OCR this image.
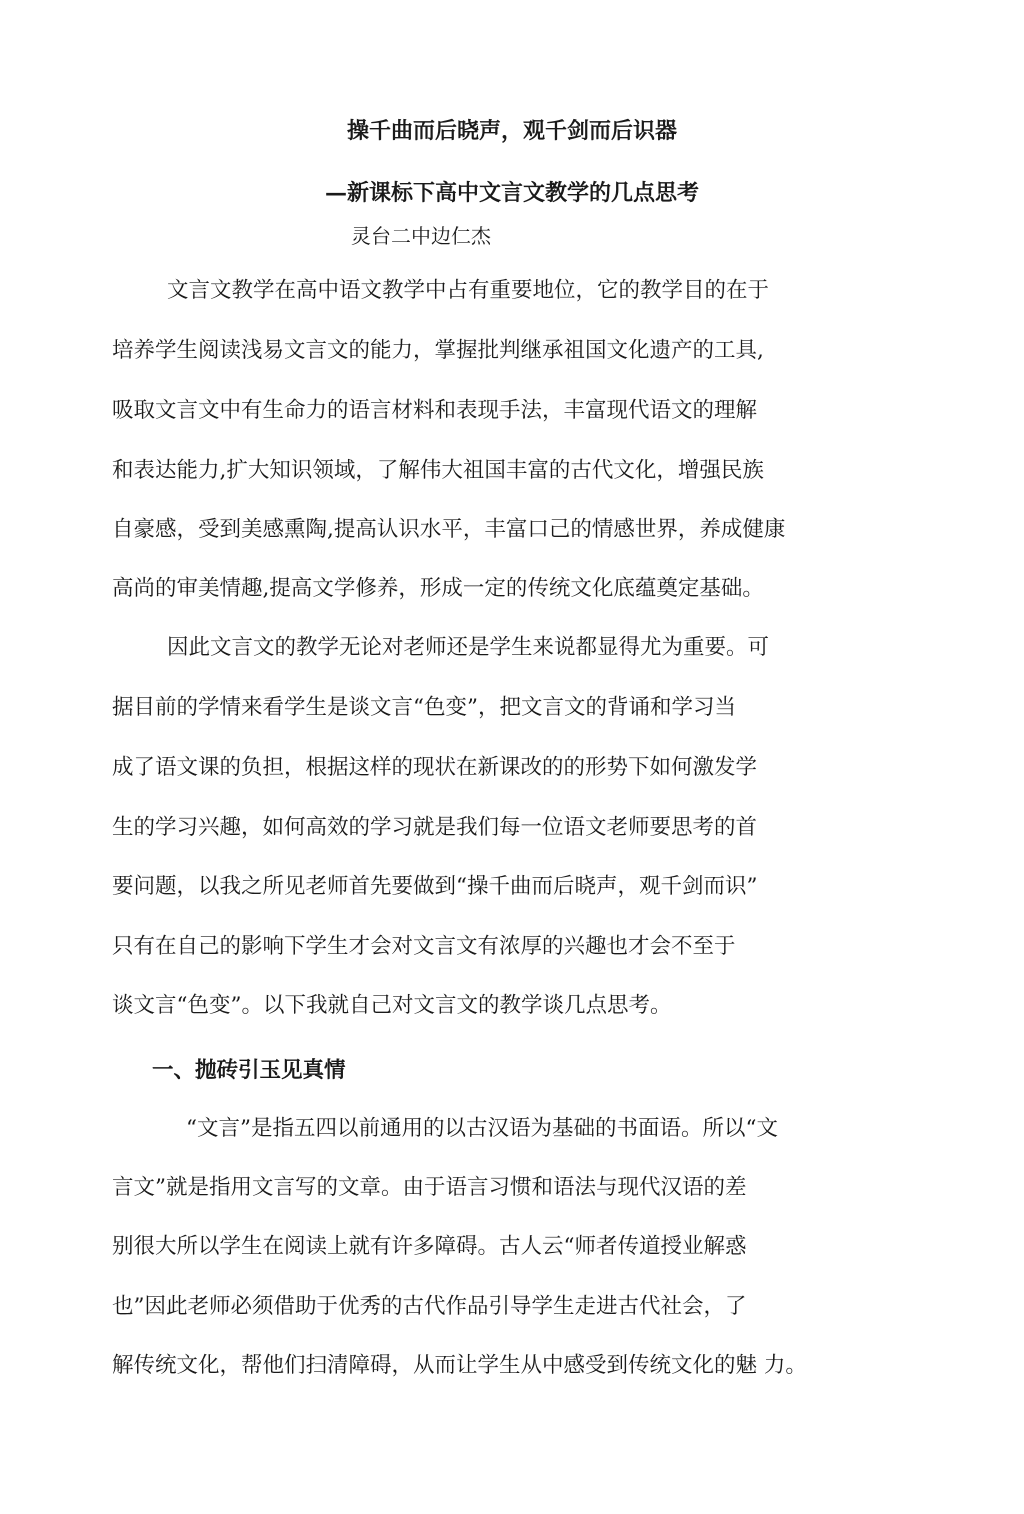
操千曲而后晓声，观千剑而后识器
—新课标下高中文言文教学的几点思考
灵台二中边仁杰
文言文教学在高中语文教学中占有重要地位，它的教学目的在于
培养学生阅读浅易文言文的能力，掌握批判继承祖国文化遗产的工具,
吸取文言文中有生命力的语言材料和表现手法，丰富现代语文的理解
和表达能力,扩大知识领域，了解伟大祖国丰富的古代文化，增强民族
自豪感，受到美感熏陶,提高认识水平，丰富口己的情感世界，养成健康
高尚的审美情趣,提高文学修养，形成一定的传统文化底蕴奠定基础。
因此文言文的教学无论对老师还是学生来说都显得尤为重要。可
据目前的学情来看学生是谈文言“色变”，把文言文的背诵和学习当
成了语文课的负担，根据这样的现状在新课改的的形势下如何激发学
生的学习兴趣，如何高效的学习就是我们每一位语文老师要思考的首
要问题，以我之所见老师首先要做到“操千曲而后晓声，观千剑而识”
只有在自己的影响下学生才会对文言文有浓厚的兴趣也才会不至于
谈文言“色变”。以下我就自己对文言文的教学谈几点思考。
一、抛砖引玉见真情
“文言”是指五四以前通用的以古汉语为基础的书面语。所以“文
言文”就是指用文言写的文章。由于语言习惯和语法与现代汉语的差
别很大所以学生在阅读上就有许多障碍。古人云“师者传道授业解惑
也”因此老师必须借助于优秀的古代作品引导学生走进古代社会，了
解传统文化，帮他们扫清障碍，从而让学生从中感受到传统文化的魅 力。
